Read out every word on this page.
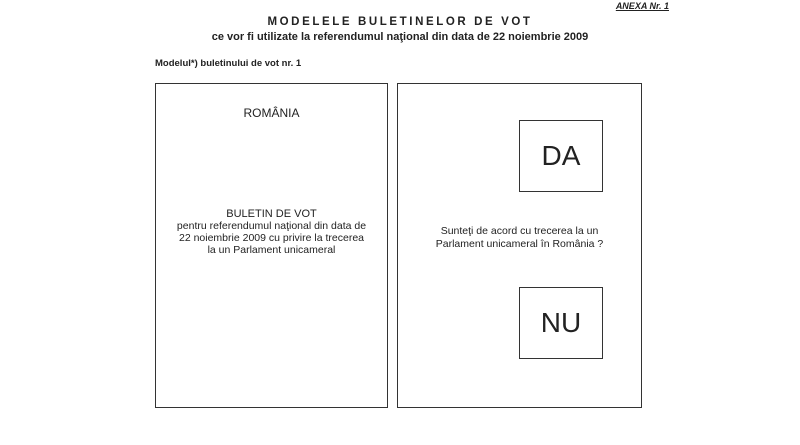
ANEXA Nr. 1
MODELELE BULETINELOR DE VOT
ce vor fi utilizate la referendumul naţional din data de 22 noiembrie 2009
Modelul*) buletinului de vot nr. 1
ROMÂNIA
BULETIN DE VOT
pentru referendumul naţional din data de
22 noiembrie 2009 cu privire la trecerea
la un Parlament unicameral
DA
Sunteţi de acord cu trecerea la un
Parlament unicameral în România ?
NU
